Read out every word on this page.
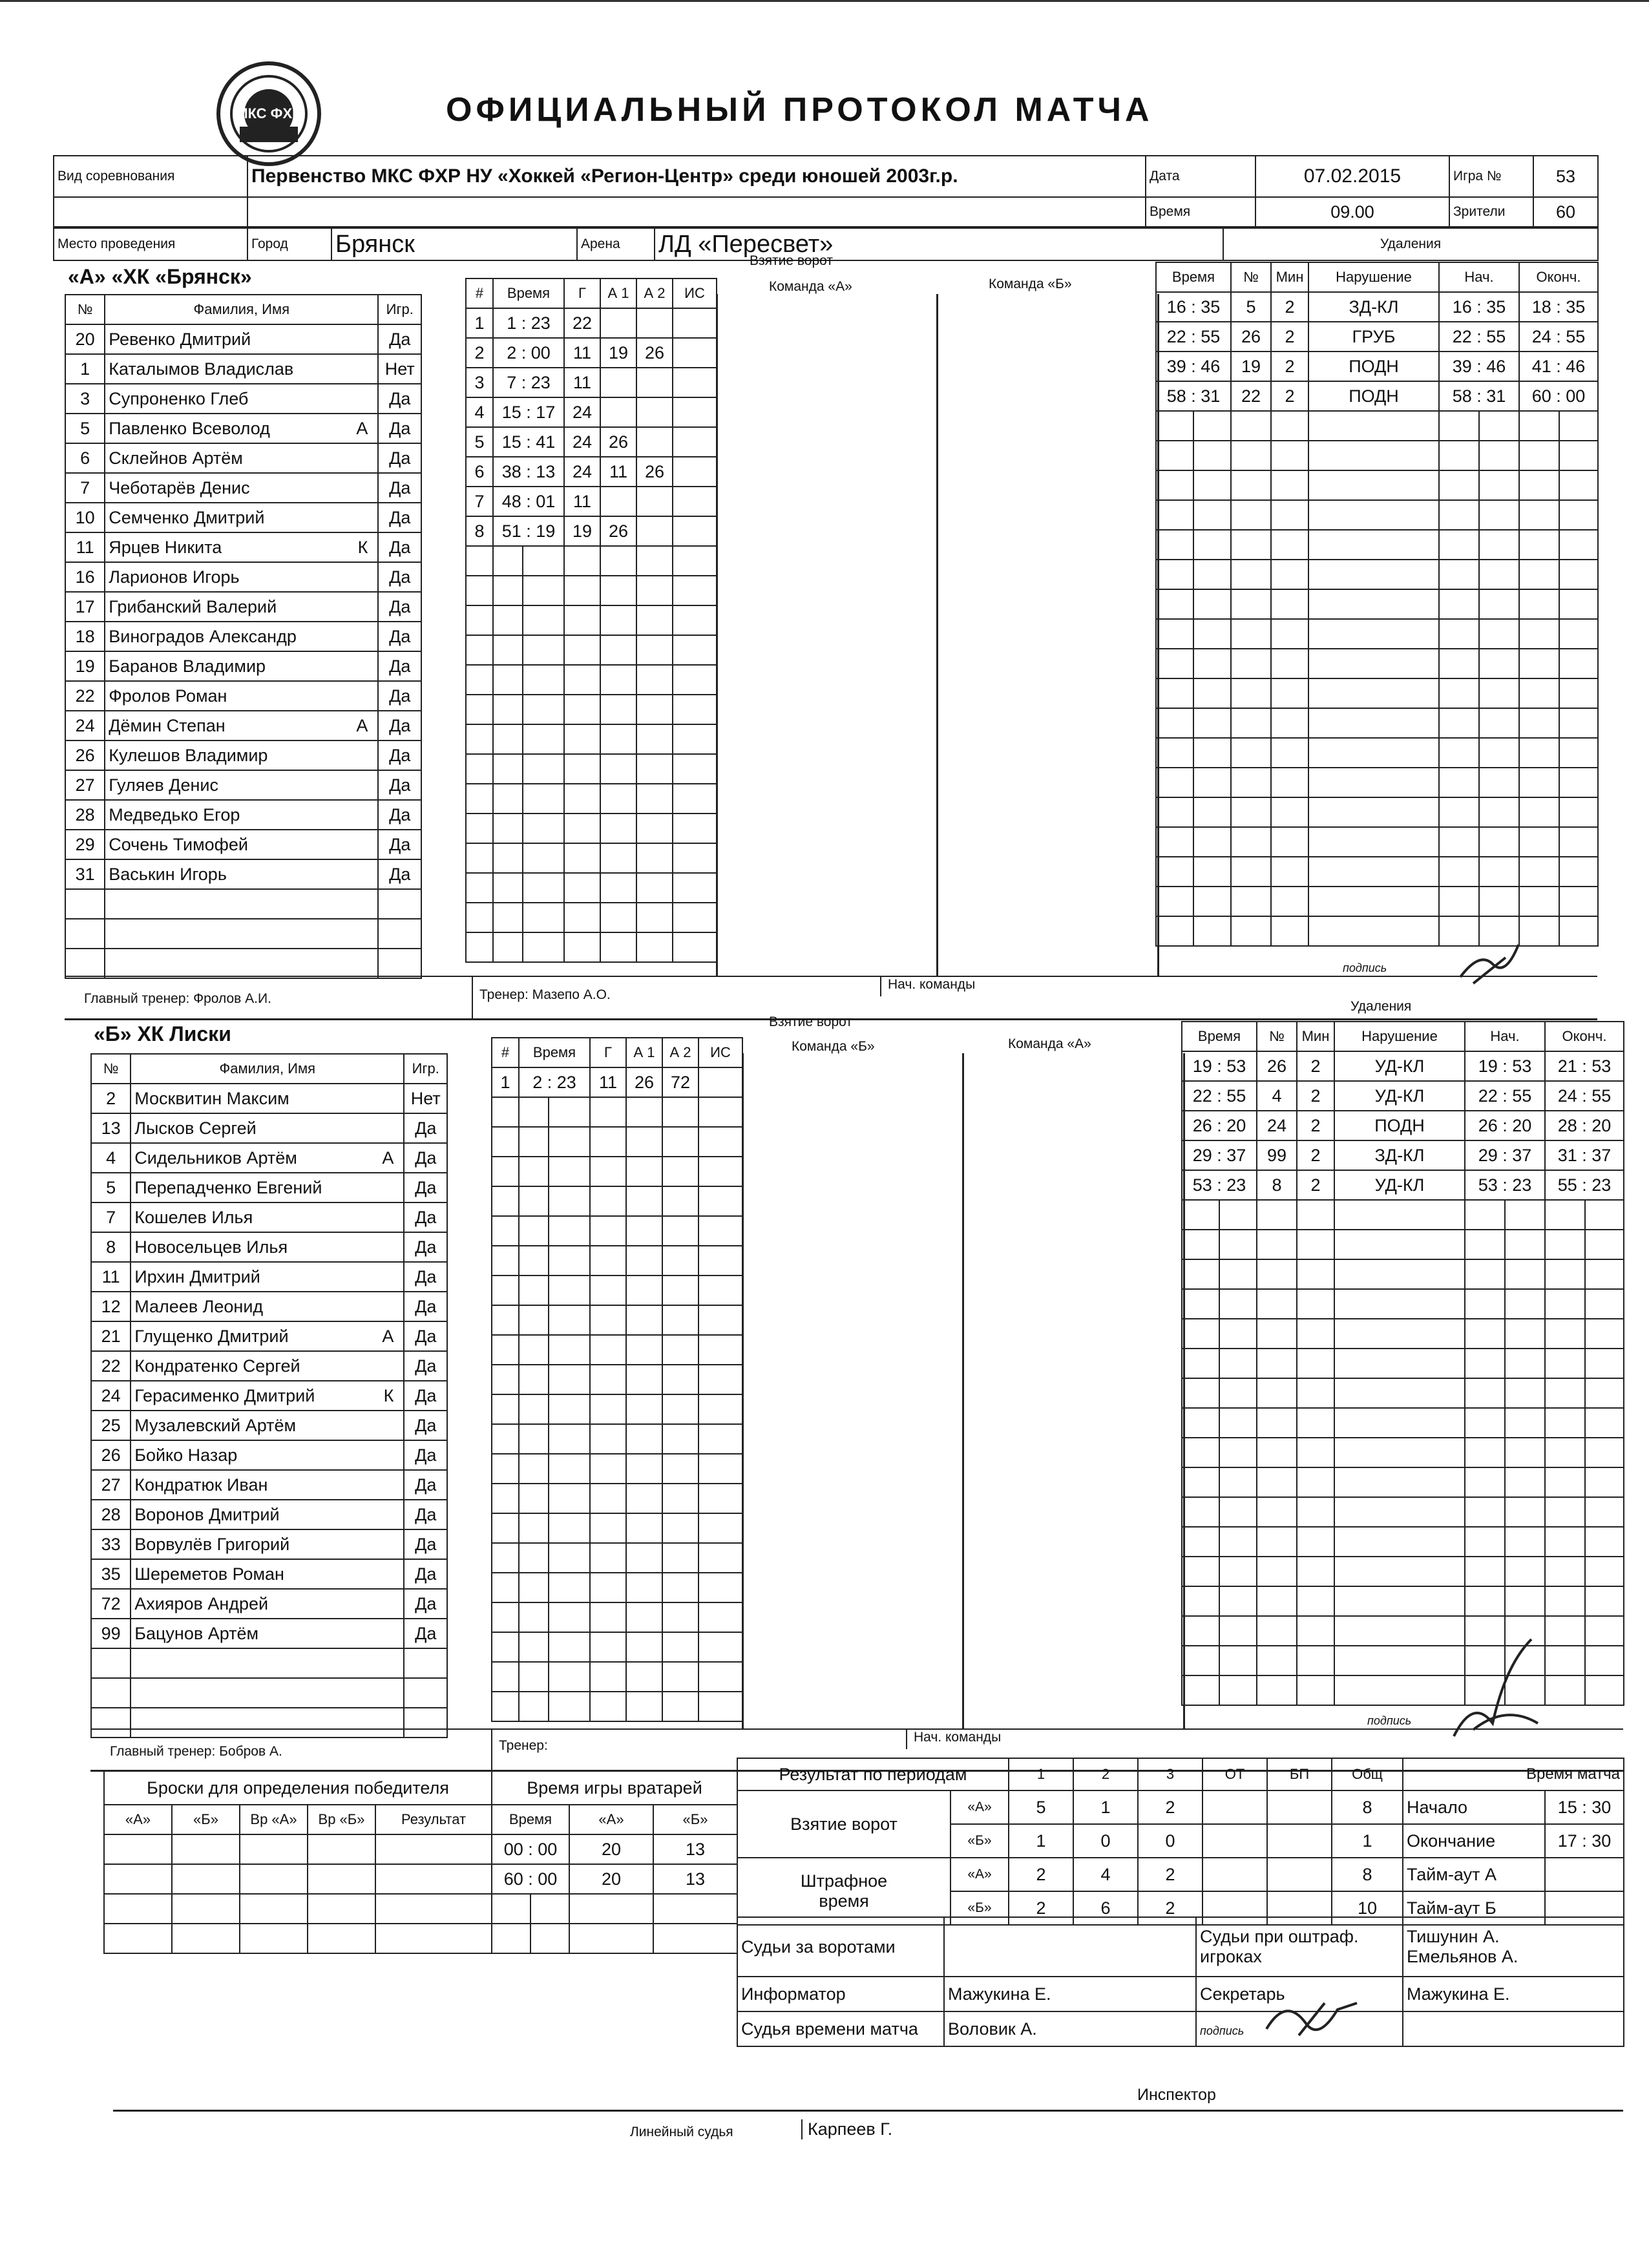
МКС ФХР	ОФИЦИАЛЬНЫЙ ПРОТОКОЛ МАТЧА
Вид соревнования	Первенство МКС ФХР НУ «Хоккей «Регион-Центр» среди юношей 2003г.р.	Дата	07.02.2015	Игра №	53
		Время	09.00	Зрители	60
Место проведения	Город	Брянск	Арена	ЛД «Пересвет»	Удаления
«А» «ХК «Брянск»
Взятие ворот
№	Фамилия, Имя		Игр.
20	Ревенко Дмитрий		Да
1	Каталымов Владислав		Нет
3	Супроненко Глеб		Да
5	Павленко Всеволод А		Да
6	Склейнов Артём		Да
7	Чеботарёв Денис		Да
10	Семченко Дмитрий		Да
11	Ярцев Никита К		Да
16	Ларионов Игорь		Да
17	Грибанский Валерий		Да
18	Виноградов Александр		Да
19	Баранов Владимир		Да
22	Фролов Роман		Да
24	Дёмин Степан А		Да
26	Кулешов Владимир		Да
27	Гуляев Денис		Да
28	Медведько Егор		Да
29	Сочень Тимофей		Да
31	Васькин Игорь		Да

#	Время		Г	А 1	А 2	ИС
1	1 : 23		22			
2	2 : 00		11	19	26	
3	7 : 23		11			
4	15 : 17		24			
5	15 : 41		24	26		
6	38 : 13		24	11	26	
7	48 : 01		11			
8	51 : 19		19	26		

Команда «А»	Команда «Б»	Время		№	Мин	Нарушение	Нач.		Оконч.	
16 : 35		5	2	ЗД-КЛ	16 : 35		18 : 35	
22 : 55		26	2	ГРУБ	22 : 55		24 : 55	
39 : 46		19	2	ПОДН	39 : 46		41 : 46	
58 : 31		22	2	ПОДН	58 : 31		60 : 00	

Главный тренер: Фролов А.И.	Тренер: Мазепо А.О.
Нач. команды
подпись
Удаления
Взятие ворот
«Б» ХК Лиски
№	Фамилия, Имя		Игр.
2	Москвитин Максим		Нет
13	Лысков Сергей		Да
4	Сидельников Артём А		Да
5	Перепадченко Евгений		Да
7	Кошелев Илья		Да
8	Новосельцев Илья		Да
11	Ирхин Дмитрий		Да
12	Малеев Леонид		Да
21	Глущенко Дмитрий А		Да
22	Кондратенко Сергей		Да
24	Герасименко Дмитрий К		Да
25	Музалевский Артём		Да
26	Бойко Назар		Да
27	Кондратюк Иван		Да
28	Воронов Дмитрий		Да
33	Ворвулёв Григорий		Да
35	Шереметов Роман		Да
72	Ахияров Андрей		Да
99	Бацунов Артём		Да

#	Время		Г	А 1	А 2	ИС
1	2 : 23		11	26	72	

Команда «Б»	Команда «А»	Время		№	Мин	Нарушение	Нач.		Оконч.	
19 : 53		26	2	УД-КЛ	19 : 53		21 : 53	
22 : 55		4	2	УД-КЛ	22 : 55		24 : 55	
26 : 20		24	2	ПОДН	26 : 20		28 : 20	
29 : 37		99	2	ЗД-КЛ	29 : 37		31 : 37	
53 : 23		8	2	УД-КЛ	53 : 23		55 : 23	

Главный тренер: Бобров А.	Тренер:
Нач. команды
подпись
Броски для определения победителя				
«А»	«Б»	Вр «А»	Вр «Б»	Результат

Время игры вратарей			
Время		«А»	«Б»
00 : 00		20	13
60 : 00		20	13

Результат по периодам		1	2	3	ОТ	БП	Общ
Взятие ворот	«А»	5	1	2			8
	«Б»	1	0	0			1
Штрафное время	«А»	2	4	2			8
	«Б»	2	6	2			10
Время матча	
Начало	15 : 30
Окончание	17 : 30
Тайм-аут А	
Тайм-аут Б	
Судьи за воротами		Судьи при оштраф. игроках	Тишунин А.
Емельянов А.

Информатор	Мажукина Е.	Секретарь	Мажукина Е.
Судья времени матча	Воловик А.	подпись	
Линейный судья	Карпеев Г.
Инспектор
